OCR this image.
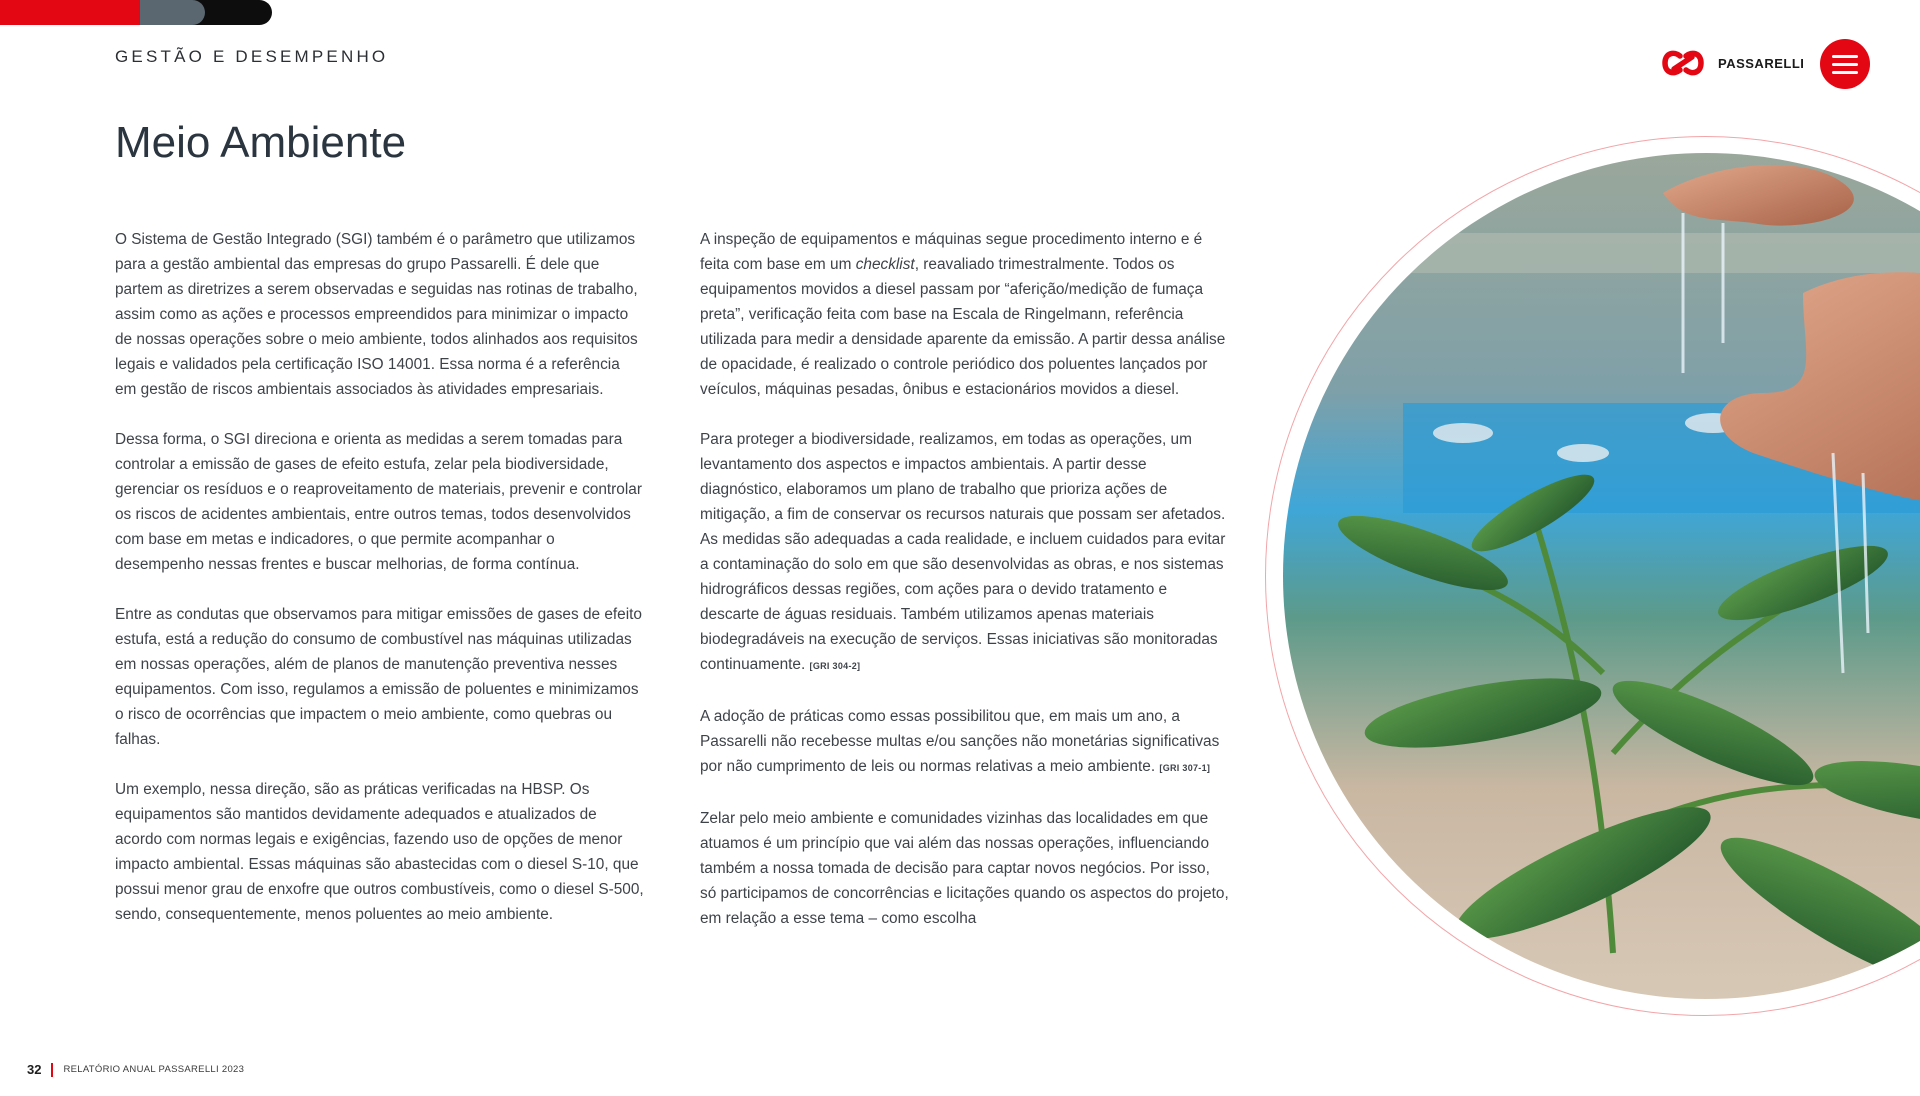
GESTÃO E DESEMPENHO
Meio Ambiente

O Sistema de Gestão Integrado (SGI) também é o parâmetro que utilizamos para a gestão ambiental das empresas do grupo Passarelli. É dele que partem as diretrizes a serem observadas e seguidas nas rotinas de trabalho, assim como as ações e processos empreendidos para minimizar o impacto de nossas operações sobre o meio ambiente, todos alinhados aos requisitos legais e validados pela certificação ISO 14001. Essa norma é a referência em gestão de riscos ambientais associados às atividades empresariais.

Dessa forma, o SGI direciona e orienta as medidas a serem tomadas para controlar a emissão de gases de efeito estufa, zelar pela biodiversidade, gerenciar os resíduos e o reaproveitamento de materiais, prevenir e controlar os riscos de acidentes ambientais, entre outros temas, todos desenvolvidos com base em metas e indicadores, o que permite acompanhar o desempenho nessas frentes e buscar melhorias, de forma contínua.

Entre as condutas que observamos para mitigar emissões de gases de efeito estufa, está a redução do consumo de combustível nas máquinas utilizadas em nossas operações, além de planos de manutenção preventiva nesses equipamentos. Com isso, regulamos a emissão de poluentes e minimizamos o risco de ocorrências que impactem o meio ambiente, como quebras ou falhas.

Um exemplo, nessa direção, são as práticas verificadas na HBSP. Os equipamentos são mantidos devidamente adequados e atualizados de acordo com normas legais e exigências, fazendo uso de opções de menor impacto ambiental. Essas máquinas são abastecidas com o diesel S-10, que possui menor grau de enxofre que outros combustíveis, como o diesel S-500, sendo, consequentemente, menos poluentes ao meio ambiente.

A inspeção de equipamentos e máquinas segue procedimento interno e é feita com base em um checklist, reavaliado trimestralmente. Todos os equipamentos movidos a diesel passam por “aferição/medição de fumaça preta”, verificação feita com base na Escala de Ringelmann, referência utilizada para medir a densidade aparente da emissão. A partir dessa análise de opacidade, é realizado o controle periódico dos poluentes lançados por veículos, máquinas pesadas, ônibus e estacionários movidos a diesel.

Para proteger a biodiversidade, realizamos, em todas as operações, um levantamento dos aspectos e impactos ambientais. A partir desse diagnóstico, elaboramos um plano de trabalho que prioriza ações de mitigação, a fim de conservar os recursos naturais que possam ser afetados. As medidas são adequadas a cada realidade, e incluem cuidados para evitar a contaminação do solo em que são desenvolvidas as obras, e nos sistemas hidrográficos dessas regiões, com ações para o devido tratamento e descarte de águas residuais. Também utilizamos apenas materiais biodegradáveis na execução de serviços. Essas iniciativas são monitoradas continuamente. [GRI 304-2]

A adoção de práticas como essas possibilitou que, em mais um ano, a Passarelli não recebesse multas e/ou sanções não monetárias significativas por não cumprimento de leis ou normas relativas a meio ambiente. [GRI 307-1]

Zelar pelo meio ambiente e comunidades vizinhas das localidades em que atuamos é um princípio que vai além das nossas operações, influenciando também a nossa tomada de decisão para captar novos negócios. Por isso, só participamos de concorrências e licitações quando os aspectos do projeto, em relação a esse tema – como escolha

PASSARELLI
32 RELATÓRIO ANUAL PASSARELLI 2023
